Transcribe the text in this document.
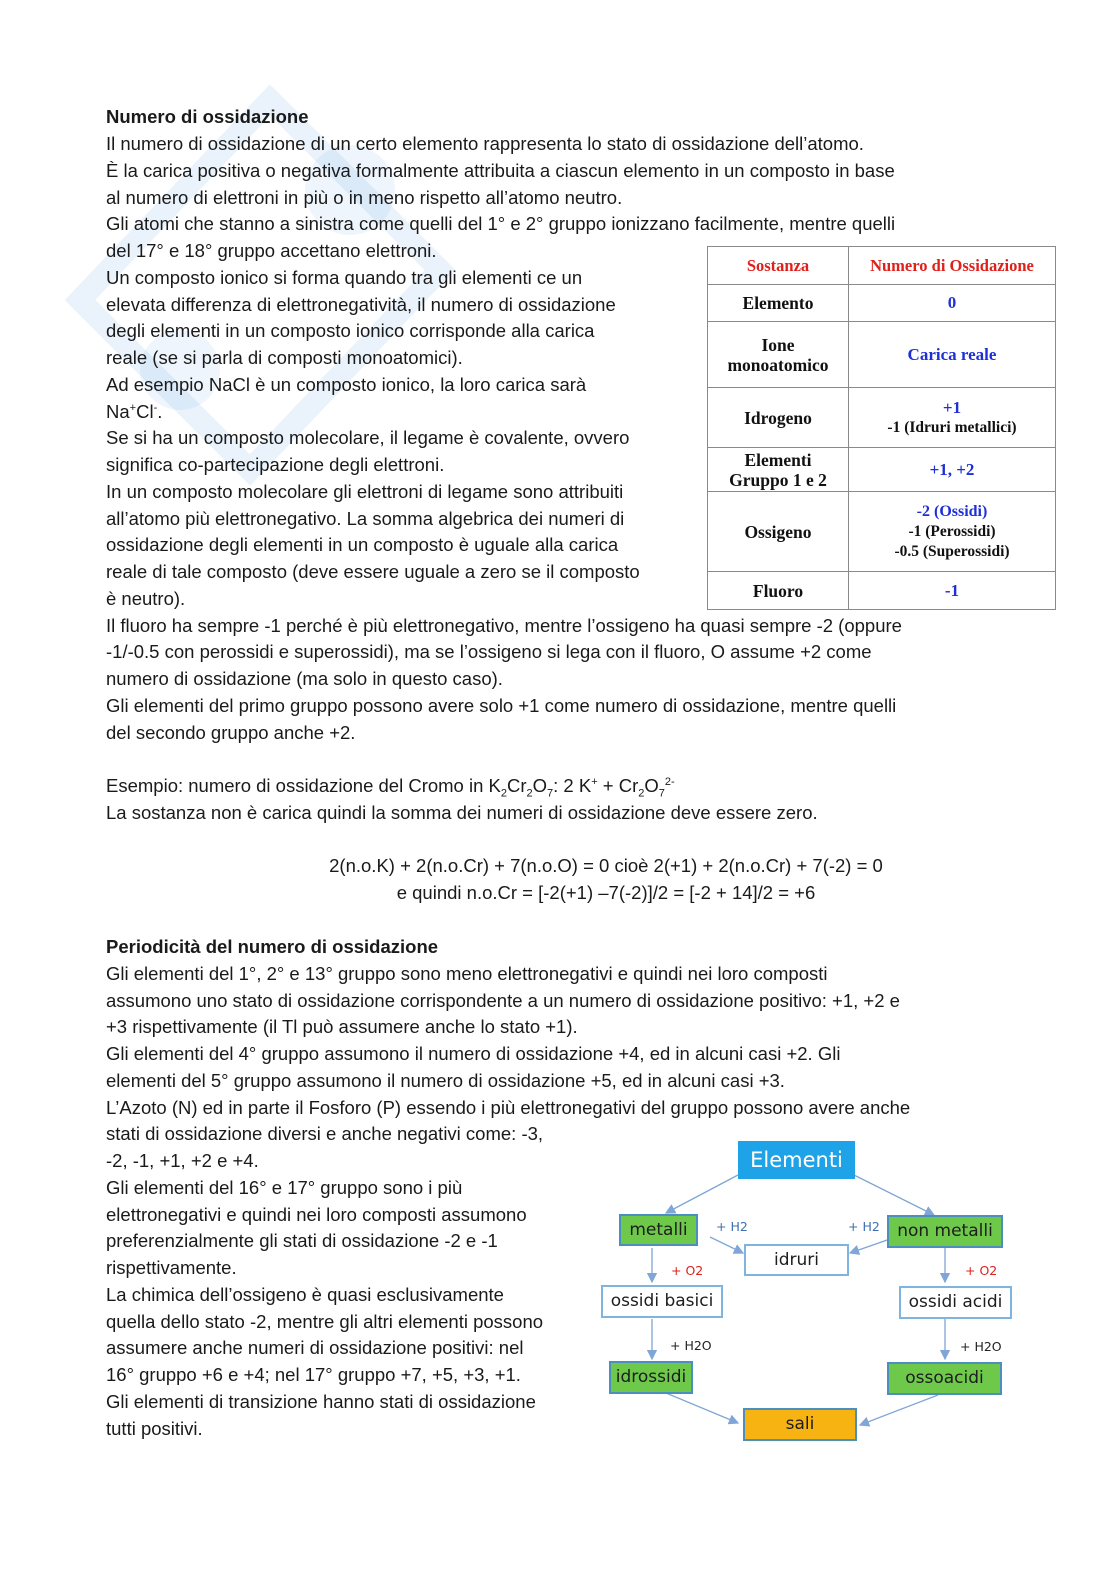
Numero di ossidazione
Il numero di ossidazione di un certo elemento rappresenta lo stato di ossidazione dell’atomo.
È la carica positiva o negativa formalmente attribuita a ciascun elemento in un composto in base
al numero di elettroni in più o in meno rispetto all’atomo neutro.
Gli atomi che stanno a sinistra come quelli del 1° e 2° gruppo ionizzano facilmente, mentre quelli
del 17° e 18° gruppo accettano elettroni.
Un composto ionico si forma quando tra gli elementi ce un
elevata differenza di elettronegatività, il numero di ossidazione
degli elementi in un composto ionico corrisponde alla carica
reale (se si parla di composti monoatomici).
Ad esempio NaCl è un composto ionico, la loro carica sarà
Na+Cl-.
Se si ha un composto molecolare, il legame è covalente, ovvero
significa co-partecipazione degli elettroni.
In un composto molecolare gli elettroni di legame sono attribuiti
all’atomo più elettronegativo. La somma algebrica dei numeri di
ossidazione degli elementi in un composto è uguale alla carica
reale di tale composto (deve essere uguale a zero se il composto
è neutro).
Il fluoro ha sempre -1 perché è più elettronegativo, mentre l’ossigeno ha quasi sempre -2 (oppure
-1/-0.5 con perossidi e superossidi), ma se l’ossigeno si lega con il fluoro, O assume +2 come
numero di ossidazione (ma solo in questo caso).
Gli elementi del primo gruppo possono avere solo +1 come numero di ossidazione, mentre quelli
del secondo gruppo anche +2.
Esempio: numero di ossidazione del Cromo in $K_2Cr_2O_7$: 2 $K^+ + Cr_2O_7^{2-}$
La sostanza non è carica quindi la somma dei numeri di ossidazione deve essere zero.
2(n.o.K) + 2(n.o.Cr) + 7(n.o.O) = 0 cioè 2(+1) + 2(n.o.Cr) + 7(-2) = 0
e quindi n.o.Cr = [-2(+1) –7(-2)]/2 = [-2 + 14]/2 = +6
Sostanza	Numero di Ossidazione
Elemento	0

Ione
monoatomico	Carica reale
Idrogeno	+1
-1 (Idruri metallici)

Elementi
Gruppo 1 e 2	+1, +2
Ossigeno	-2 (Ossidi)
-1 (Perossidi)
-0.5 (Superossidi)

Fluoro	-1
Periodicità del numero di ossidazione
Gli elementi del 1°, 2° e 13° gruppo sono meno elettronegativi e quindi nei loro composti
assumono uno stato di ossidazione corrispondente a un numero di ossidazione positivo: +1, +2 e
+3 rispettivamente (il Tl può assumere anche lo stato +1).
Gli elementi del 4° gruppo assumono il numero di ossidazione +4, ed in alcuni casi +2. Gli
elementi del 5° gruppo assumono il numero di ossidazione +5, ed in alcuni casi +3.
L’Azoto (N) ed in parte il Fosforo (P) essendo i più elettronegativi del gruppo possono avere anche
stati di ossidazione diversi e anche negativi come: -3,
-2, -1, +1, +2 e +4.
Gli elementi del 16° e 17° gruppo sono i più
elettronegativi e quindi nei loro composti assumono
preferenzialmente gli stati di ossidazione -2 e -1
rispettivamente.
La chimica dell’ossigeno è quasi esclusivamente
quella dello stato -2, mentre gli altri elementi possono
assumere anche numeri di ossidazione positivi: nel
16° gruppo +6 e +4; nel 17° gruppo +7, +5, +3, +1.
Gli elementi di transizione hanno stati di ossidazione
tutti positivi.
Elementi
metalli	non metalli
idruri
ossidi basici	ossidi acidi
idrossidi	ossoacidi
sali
+ H2	+ H2
+ O2	+ O2
+ H2O	+ H2O
